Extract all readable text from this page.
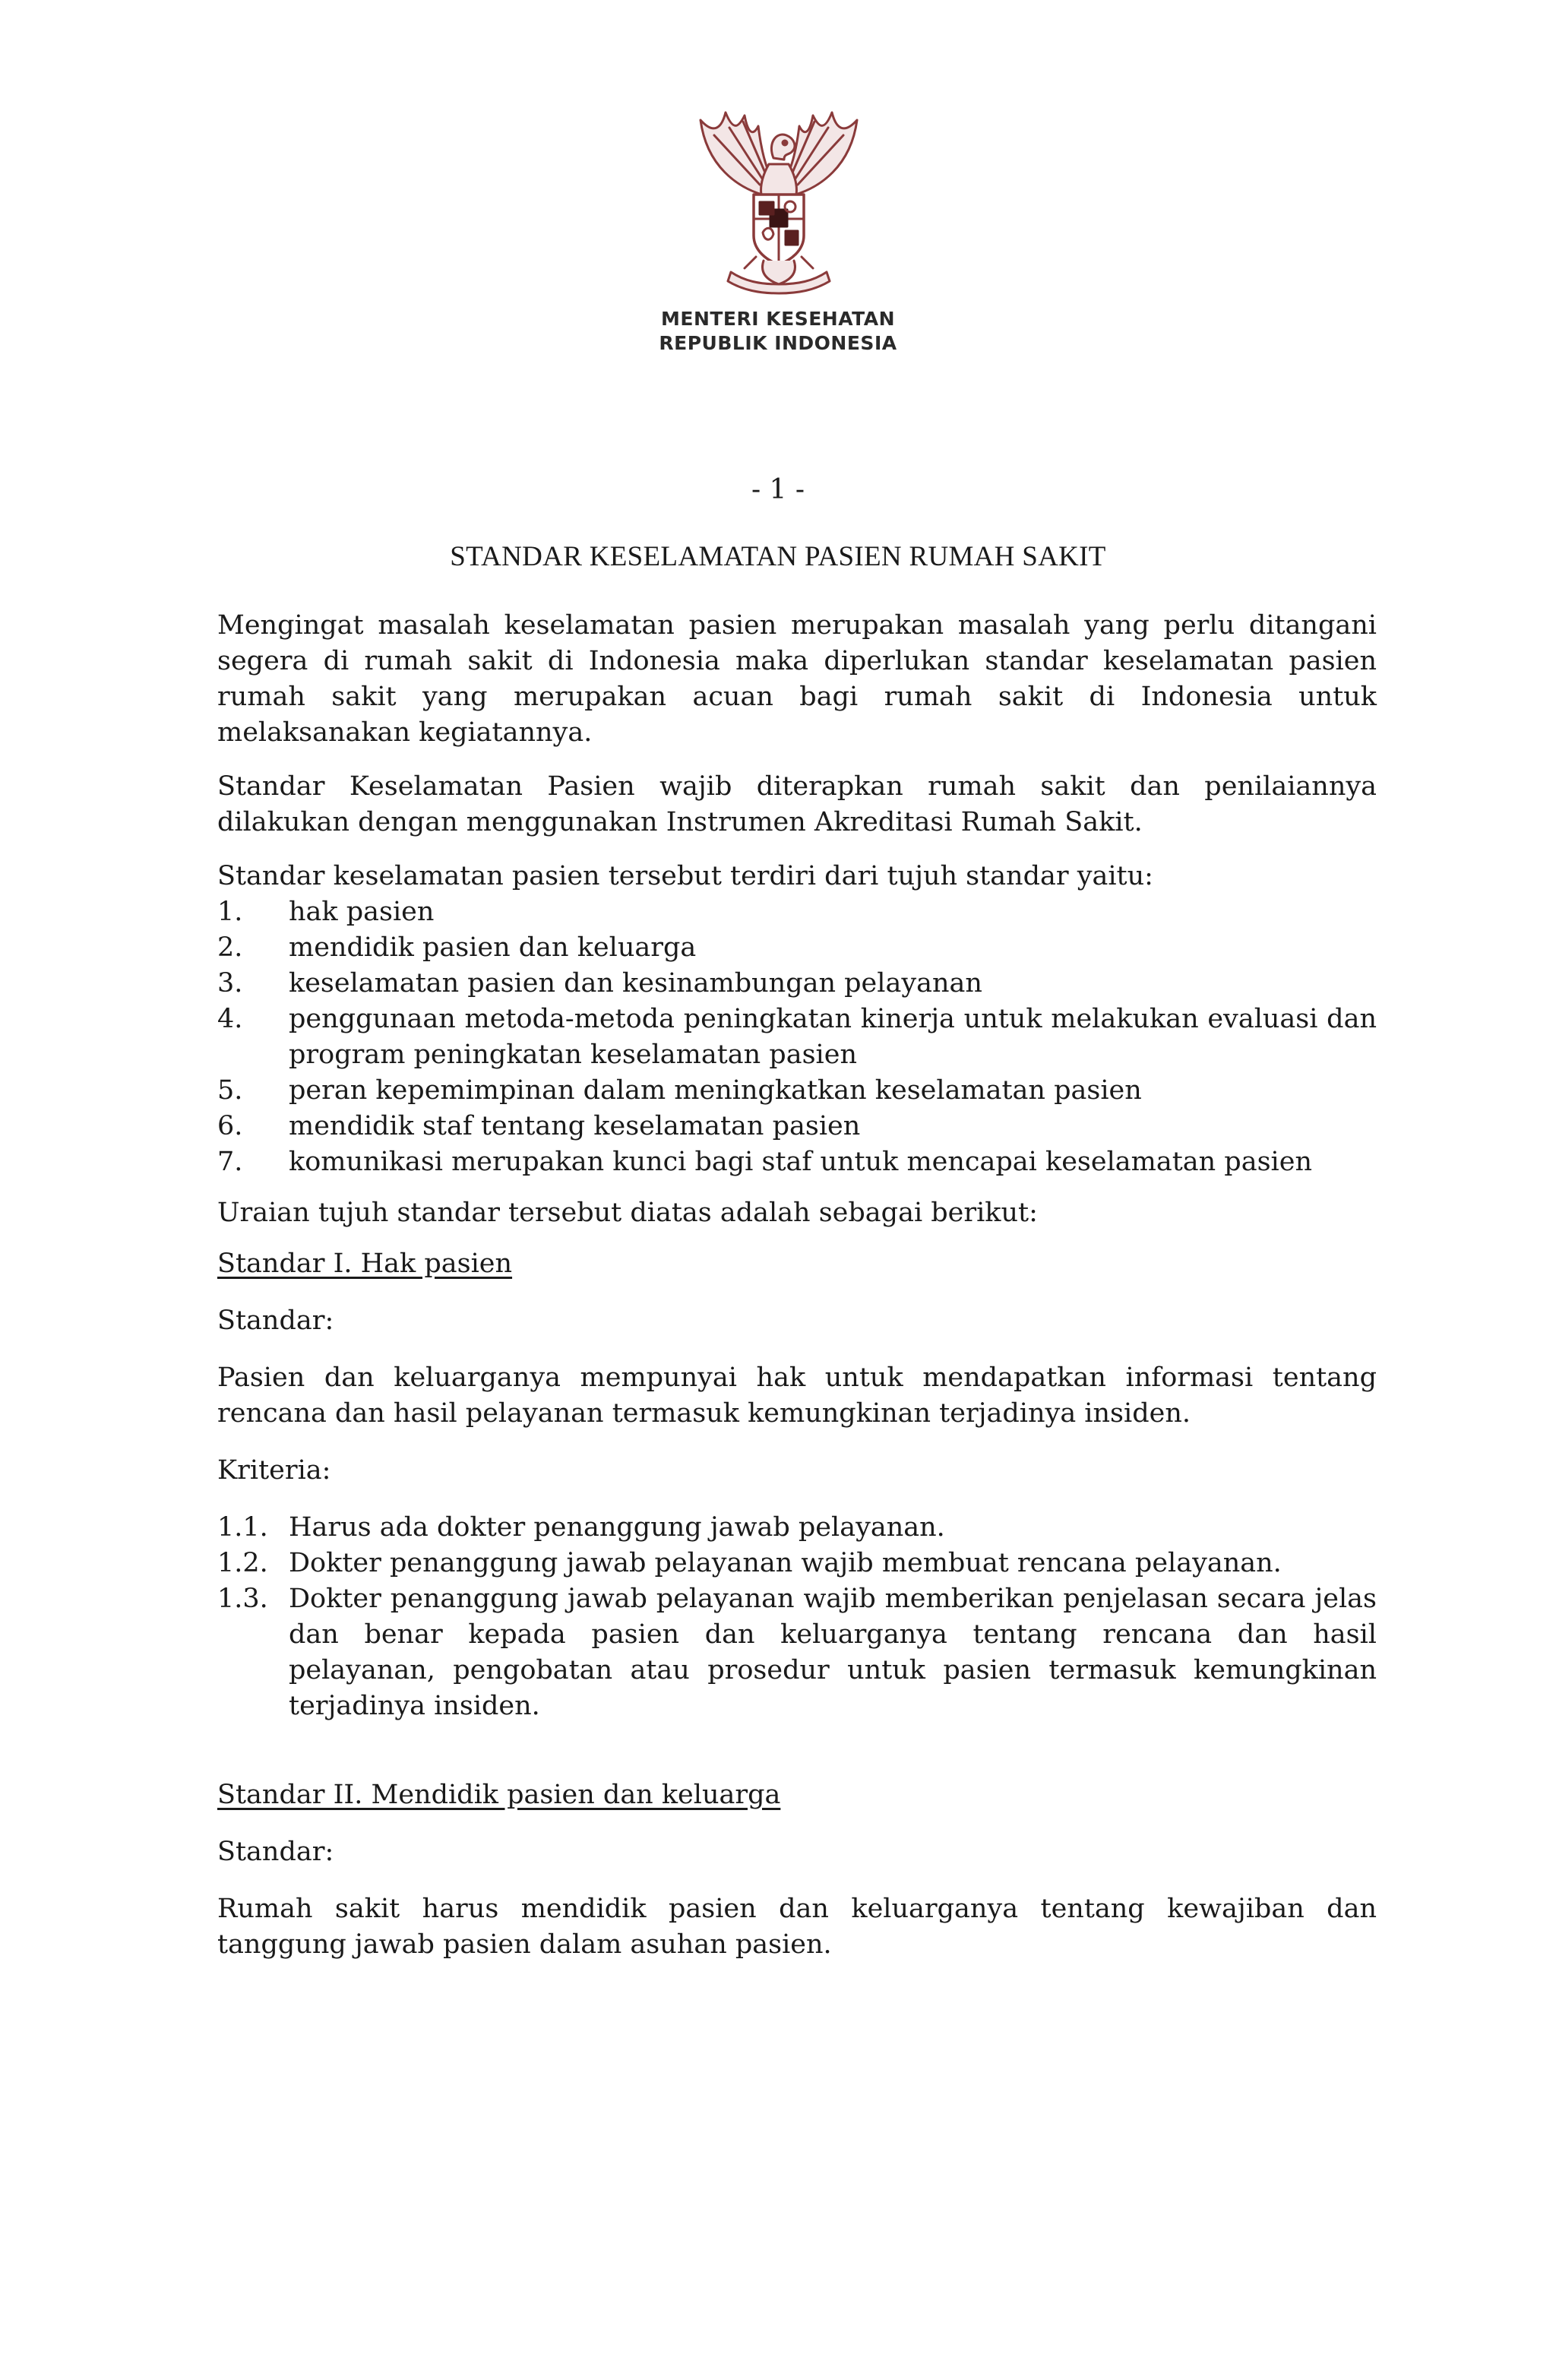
MENTERI KESEHATAN
REPUBLIK INDONESIA
- 1 -
STANDAR KESELAMATAN PASIEN RUMAH SAKIT

Mengingat masalah keselamatan pasien merupakan masalah yang perlu ditangani segera di rumah sakit di Indonesia maka diperlukan standar keselamatan pasien rumah sakit yang merupakan acuan bagi rumah sakit di Indonesia untuk melaksanakan kegiatannya.

Standar Keselamatan Pasien wajib diterapkan rumah sakit dan penilaiannya dilakukan dengan menggunakan Instrumen Akreditasi Rumah Sakit.

Standar keselamatan pasien tersebut terdiri dari tujuh standar yaitu:

1.	hak pasien
2.	mendidik pasien dan keluarga
3.	keselamatan pasien dan kesinambungan pelayanan
4.	penggunaan metoda-metoda peningkatan kinerja untuk melakukan evaluasi dan program peningkatan keselamatan pasien
5.	peran kepemimpinan dalam meningkatkan keselamatan pasien
6.	mendidik staf tentang keselamatan pasien
7.	komunikasi merupakan kunci bagi staf untuk mencapai keselamatan pasien

Uraian tujuh standar tersebut diatas adalah sebagai berikut:

Standar I. Hak pasien

Standar:

Pasien dan keluarganya mempunyai hak untuk mendapatkan informasi tentang rencana dan hasil pelayanan termasuk kemungkinan terjadinya insiden.

Kriteria:

1.1. Harus ada dokter penanggung jawab pelayanan.
1.2. Dokter penanggung jawab pelayanan wajib membuat rencana pelayanan.
1.3. Dokter penanggung jawab pelayanan wajib memberikan penjelasan secara jelas dan benar kepada pasien dan keluarganya tentang rencana dan hasil pelayanan, pengobatan atau prosedur untuk pasien termasuk kemungkinan terjadinya insiden.

Standar II. Mendidik pasien dan keluarga

Standar:

Rumah sakit harus mendidik pasien dan keluarganya tentang kewajiban dan tanggung jawab pasien dalam asuhan pasien.
